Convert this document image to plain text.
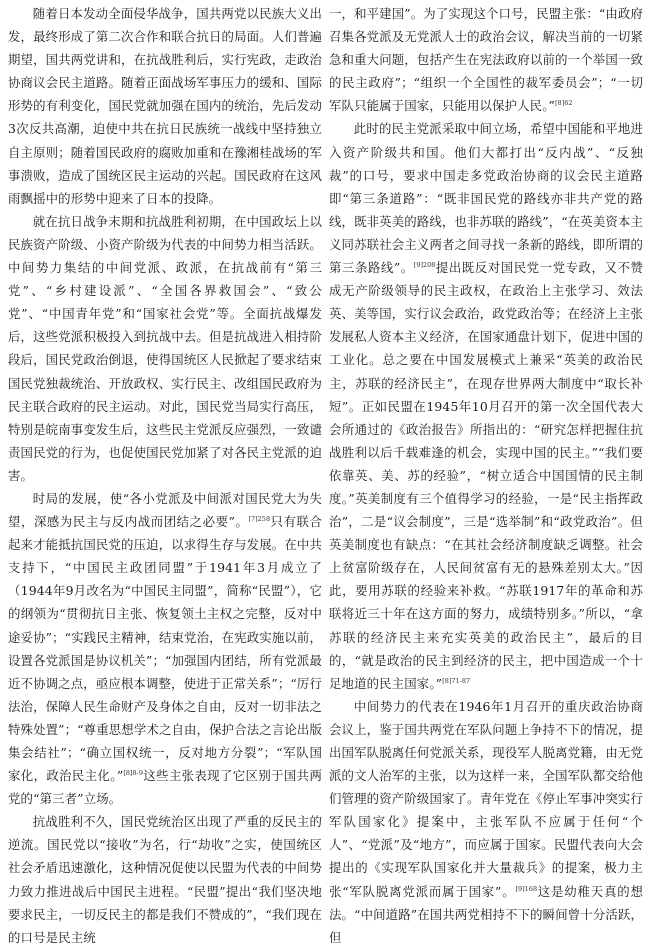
随着日本发动全面侵华战争，国共两党以民族大义出发，最终形成了第二次合作和联合抗日的局面。人们普遍期望，国共两党讲和，在抗战胜利后，实行宪政，走政治协商议会民主道路。随着正面战场军事压力的缓和、国际形势的有利变化，国民党就加强在国内的统治，先后发动3次反共高潮，迫使中共在抗日民族统一战线中坚持独立自主原则；随着国民政府的腐败加重和在豫湘桂战场的军事溃败，造成了国统区民主运动的兴起。国民政府在这风雨飘摇中的形势中迎来了日本的投降。

就在抗日战争末期和抗战胜利初期，在中国政坛上以民族资产阶级、小资产阶级为代表的中间势力相当活跃。中间势力集结的中间党派、政派，在抗战前有“第三党”、“乡村建设派”、“全国各界救国会”、“致公党”、“中国青年党”和“国家社会党”等。全面抗战爆发后，这些党派积极投入到抗战中去。但是抗战进入相持阶段后，国民党政治倒退，使得国统区人民掀起了要求结束国民党独裁统治、开放政权、实行民主、改组国民政府为民主联合政府的民主运动。对此，国民党当局实行高压，特别是皖南事变发生后，这些民主党派反应强烈，一致谴责国民党的行为，也促使国民党加紧了对各民主党派的迫害。

时局的发展，使“各小党派及中间派对国民党大为失望，深感为民主与反内战而团结之必要”。$^{[7]258}$只有联合起来才能抵抗国民党的压迫，以求得生存与发展。在中共支持下，“中国民主政团同盟”于1941年3月成立了（1944年9月改名为“中国民主同盟”，简称“民盟”），它的纲领为“贯彻抗日主张、恢复领土主权之完整，反对中途妥协”；“实践民主精神，结束党治，在宪政实施以前，设置各党派国是协议机关”；“加强国内团结，所有党派最近不协调之点，亟应根本调整，使进于正常关系”；“厉行法治，保障人民生命财产及身体之自由，反对一切非法之特殊处置”；“尊重思想学术之自由，保护合法之言论出版集会结社”；“确立国权统一，反对地方分裂”；“军队国家化，政治民主化。”$^{[8]8-9}$这些主张表现了它区别于国共两党的“第三者”立场。

抗战胜利不久，国民党统治区出现了严重的反民主的逆流。国民党以“接收”为名，行“劫收”之实，使国统区社会矛盾迅速激化，这种情况促使以民盟为代表的中间势力致力推进战后中国民主进程。“民盟”提出“我们坚决地要求民主，一切反民主的都是我们不赞成的”，“我们现在的口号是民主统

一，和平建国”。为了实现这个口号，民盟主张：“由政府召集各党派及无党派人士的政治会议，解决当前的一切紧急和重大问题，包括产生在宪法政府以前的一个举国一致的民主政府”；“组织一个全国性的裁军委员会”；“一切军队只能属于国家，只能用以保护人民。”$^{[8]62}$

此时的民主党派采取中间立场，希望中国能和平地进入资产阶级共和国。他们大都打出“反内战”、“反独裁”的口号，要求中国走多党政治协商的议会民主道路即“第三条道路”：“既非国民党的路线亦非共产党的路线，既非英美的路线，也非苏联的路线”，“在英美资本主义同苏联社会主义两者之间寻找一条新的路线，即所谓的第三条路线”。$^{[9]208}$提出既反对国民党一党专政，又不赞成无产阶级领导的民主政权，在政治上主张学习、效法英、美等国，实行议会政治，政党政治等；在经济上主张发展私人资本主义经济，在国家通盘计划下，促进中国的工业化。总之要在中国发展模式上兼采“英美的政治民主，苏联的经济民主”，在现存世界两大制度中“取长补短”。正如民盟在1945年10月召开的第一次全国代表大会所通过的《政治报告》所指出的：“研究怎样把握住抗战胜利以后千载难逢的机会，实现中国的民主。”“我们要依靠英、美、苏的经验”，“树立适合中国国情的民主制度。”英美制度有三个值得学习的经验，一是“民主指挥政治”，二是“议会制度”，三是“选举制”和“政党政治”。但英美制度也有缺点：“在其社会经济制度缺乏调整。社会上贫富阶级存在，人民间贫富有无的悬殊差别太大。”因此，要用苏联的经验来补救。“苏联1917年的革命和苏联将近三十年在这方面的努力，成绩特别多。”所以，“拿苏联的经济民主来充实英美的政治民主”，最后的目的，“就是政治的民主到经济的民主，把中国造成一个十足地道的民主国家。”$^{[8]71-87}$

中间势力的代表在1946年1月召开的重庆政治协商会议上，鉴于国共两党在军队问题上争持不下的情况，提出国军队脱离任何党派关系，现役军人脱离党籍，由无党派的文人治军的主张，以为这样一来，全国军队都交给他们管理的资产阶级国家了。青年党在《停止军事冲突实行军队国家化》提案中，主张军队不应属于任何“个人”、“党派”及“地方”，而应属于国家。民盟代表向大会提出的《实现军队国家化并大量裁兵》的提案，极力主张“军队脱离党派而属于国家”。$^{[9]168}$这是幼稚天真的想法。“中间道路”在国共两党相持不下的瞬间曾十分活跃，但
